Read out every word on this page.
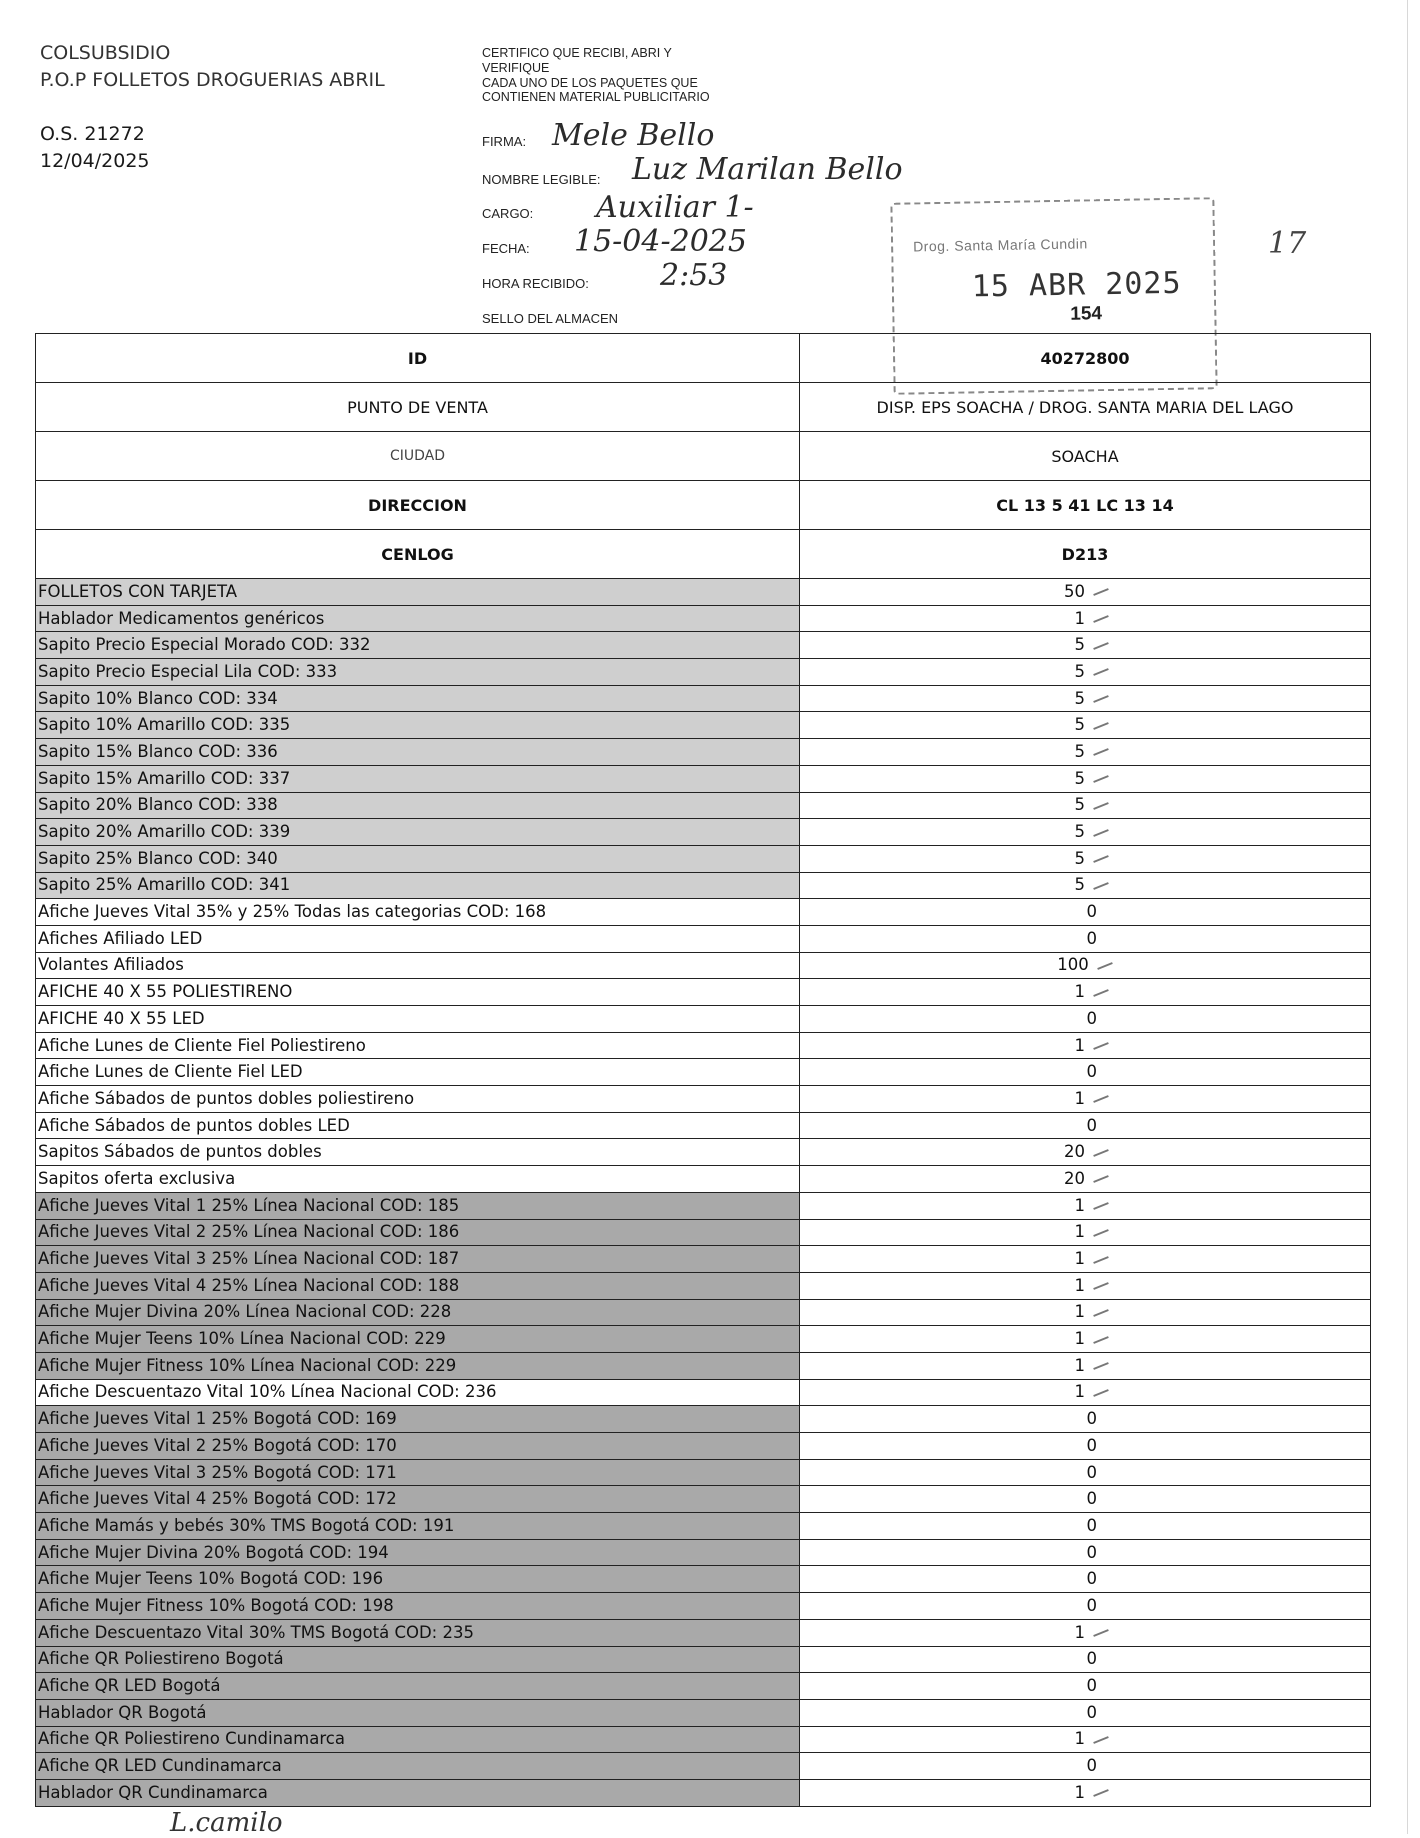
COLSUBSIDIO
P.O.P FOLLETOS DROGUERIAS ABRIL
O.S. 21272
12/04/2025
CERTIFICO QUE RECIBI, ABRI Y
VERIFIQUE
CADA UNO DE LOS PAQUETES QUE
CONTIENEN MATERIAL PUBLICITARIO
FIRMA: Mele Bello
NOMBRE LEGIBLE: Luz Marilan Bello
CARGO: Auxiliar 1-
FECHA: 15-04-2025
HORA RECIBIDO: 2:53
SELLO DEL ALMACEN
Drog. Santa María Cundin
15 ABR 2025
154
17
ID	40272800
PUNTO DE VENTA	DISP. EPS SOACHA / DROG. SANTA MARIA DEL LAGO
CIUDAD	SOACHA
DIRECCION	CL 13 5 41 LC 13 14
CENLOG	D213
FOLLETOS CON TARJETA	50
Hablador Medicamentos genéricos	1
Sapito Precio Especial Morado COD: 332	5
Sapito Precio Especial Lila COD: 333	5
Sapito 10% Blanco COD: 334	5
Sapito 10% Amarillo COD: 335	5
Sapito 15% Blanco COD: 336	5
Sapito 15% Amarillo COD: 337	5
Sapito 20% Blanco COD: 338	5
Sapito 20% Amarillo COD: 339	5
Sapito 25% Blanco COD: 340	5
Sapito 25% Amarillo COD: 341	5
Afiche Jueves Vital 35% y 25% Todas las categorias COD: 168	0
Afiches Afiliado LED	0
Volantes Afiliados	100
AFICHE 40 X 55 POLIESTIRENO	1
AFICHE 40 X 55 LED	0
Afiche Lunes de Cliente Fiel Poliestireno	1
Afiche Lunes de Cliente Fiel LED	0
Afiche Sábados de puntos dobles poliestireno	1
Afiche Sábados de puntos dobles LED	0
Sapitos Sábados de puntos dobles	20
Sapitos oferta exclusiva	20
Afiche Jueves Vital 1 25% Línea Nacional COD: 185	1
Afiche Jueves Vital 2 25% Línea Nacional COD: 186	1
Afiche Jueves Vital 3 25% Línea Nacional COD: 187	1
Afiche Jueves Vital 4 25% Línea Nacional COD: 188	1
Afiche Mujer Divina 20% Línea Nacional COD: 228	1
Afiche Mujer Teens 10% Línea Nacional COD: 229	1
Afiche Mujer Fitness 10% Línea Nacional COD: 229	1
Afiche Descuentazo Vital 10% Línea Nacional COD: 236	1
Afiche Jueves Vital 1 25% Bogotá COD: 169	0
Afiche Jueves Vital 2 25% Bogotá COD: 170	0
Afiche Jueves Vital 3 25% Bogotá COD: 171	0
Afiche Jueves Vital 4 25% Bogotá COD: 172	0
Afiche Mamás y bebés 30% TMS Bogotá COD: 191	0
Afiche Mujer Divina 20% Bogotá COD: 194	0
Afiche Mujer Teens 10% Bogotá COD: 196	0
Afiche Mujer Fitness 10% Bogotá COD: 198	0
Afiche Descuentazo Vital 30% TMS Bogotá COD: 235	1
Afiche QR Poliestireno Bogotá	0
Afiche QR LED Bogotá	0
Hablador QR Bogotá	0
Afiche QR Poliestireno Cundinamarca	1
Afiche QR LED Cundinamarca	0
Hablador QR Cundinamarca	1
L.camilo
